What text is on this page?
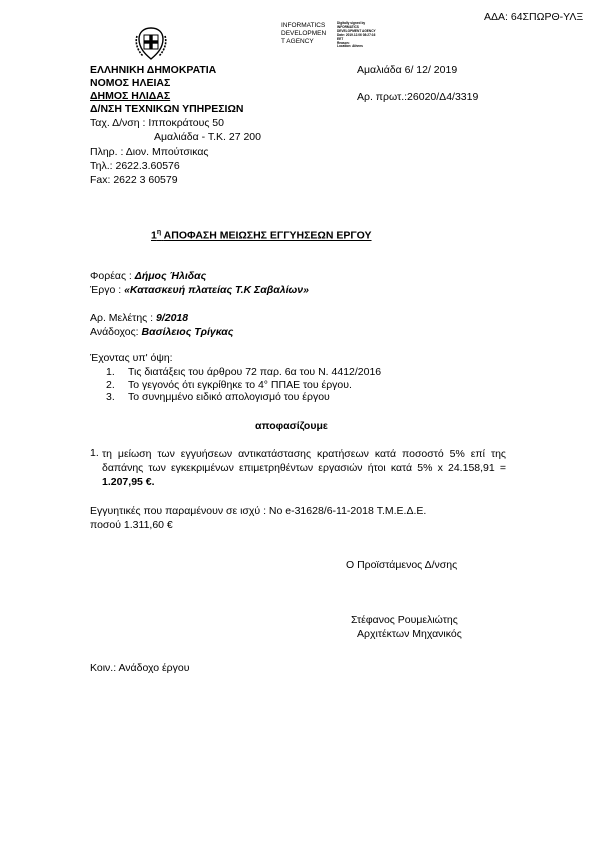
ΑΔΑ: 64ΣΠΩΡΘ-ΥΛΞ
INFORMATICS
DEVELOPMEN
T AGENCY
Digitally signed by
INFORMATICS
DEVELOPMENT AGENCY
Date: 2019.12.06 08:27:16
EET
Reason:
Location: Athens
ΕΛΛΗΝΙΚΗ ΔΗΜΟΚΡΑΤΙΑ
ΝΟΜΟΣ ΗΛΕΙΑΣ
ΔΗΜΟΣ ΗΛΙΔΑΣ
Δ/ΝΣΗ ΤΕΧΝΙΚΩΝ ΥΠΗΡΕΣΙΩΝ
Ταχ. Δ/νση : Ιπποκράτους 50
Αμαλιάδα - Τ.Κ. 27 200
Πληρ. : Διον. Μπούτσικας
Τηλ.: 2622.3.60576
Fax: 2622 3 60579
Αμαλιάδα 6/ 12/ 2019
Αρ. πρωτ.:26020/Δ4/3319
$1^\eta$ ΑΠΟΦΑΣΗ ΜΕΙΩΣΗΣ ΕΓΓΥΗΣΕΩΝ ΕΡΓΟΥ
Φορέας : Δήμος Ήλιδας
Έργο : «Κατασκευή πλατείας Τ.Κ Σαβαλίων»
Αρ. Μελέτης : 9/2018
Ανάδοχος: Βασίλειος Τρίγκας
Έχοντας υπ' όψη:
1. Τις διατάξεις του άρθρου 72 παρ. 6α του Ν. 4412/2016
2. Το γεγονός ότι εγκρίθηκε το 4° ΠΠΑΕ του έργου.
3. Το συνημμένο ειδικό απολογισμό του έργου
αποφασίζουμε
1. τη μείωση των εγγυήσεων αντικατάστασης κρατήσεων κατά ποσοστό 5% επί της δαπάνης των εγκεκριμένων επιμετρηθέντων εργασιών ήτοι κατά 5% x 24.158,91 = 1.207,95 €.
Εγγυητικές που παραμένουν σε ισχύ : Νο e-31628/6-11-2018 Τ.Μ.Ε.Δ.Ε.
ποσού 1.311,60 €
Ο Προϊστάμενος Δ/νσης
Στέφανος Ρουμελιώτης
Αρχιτέκτων Μηχανικός
Κοιν.: Ανάδοχο έργου
